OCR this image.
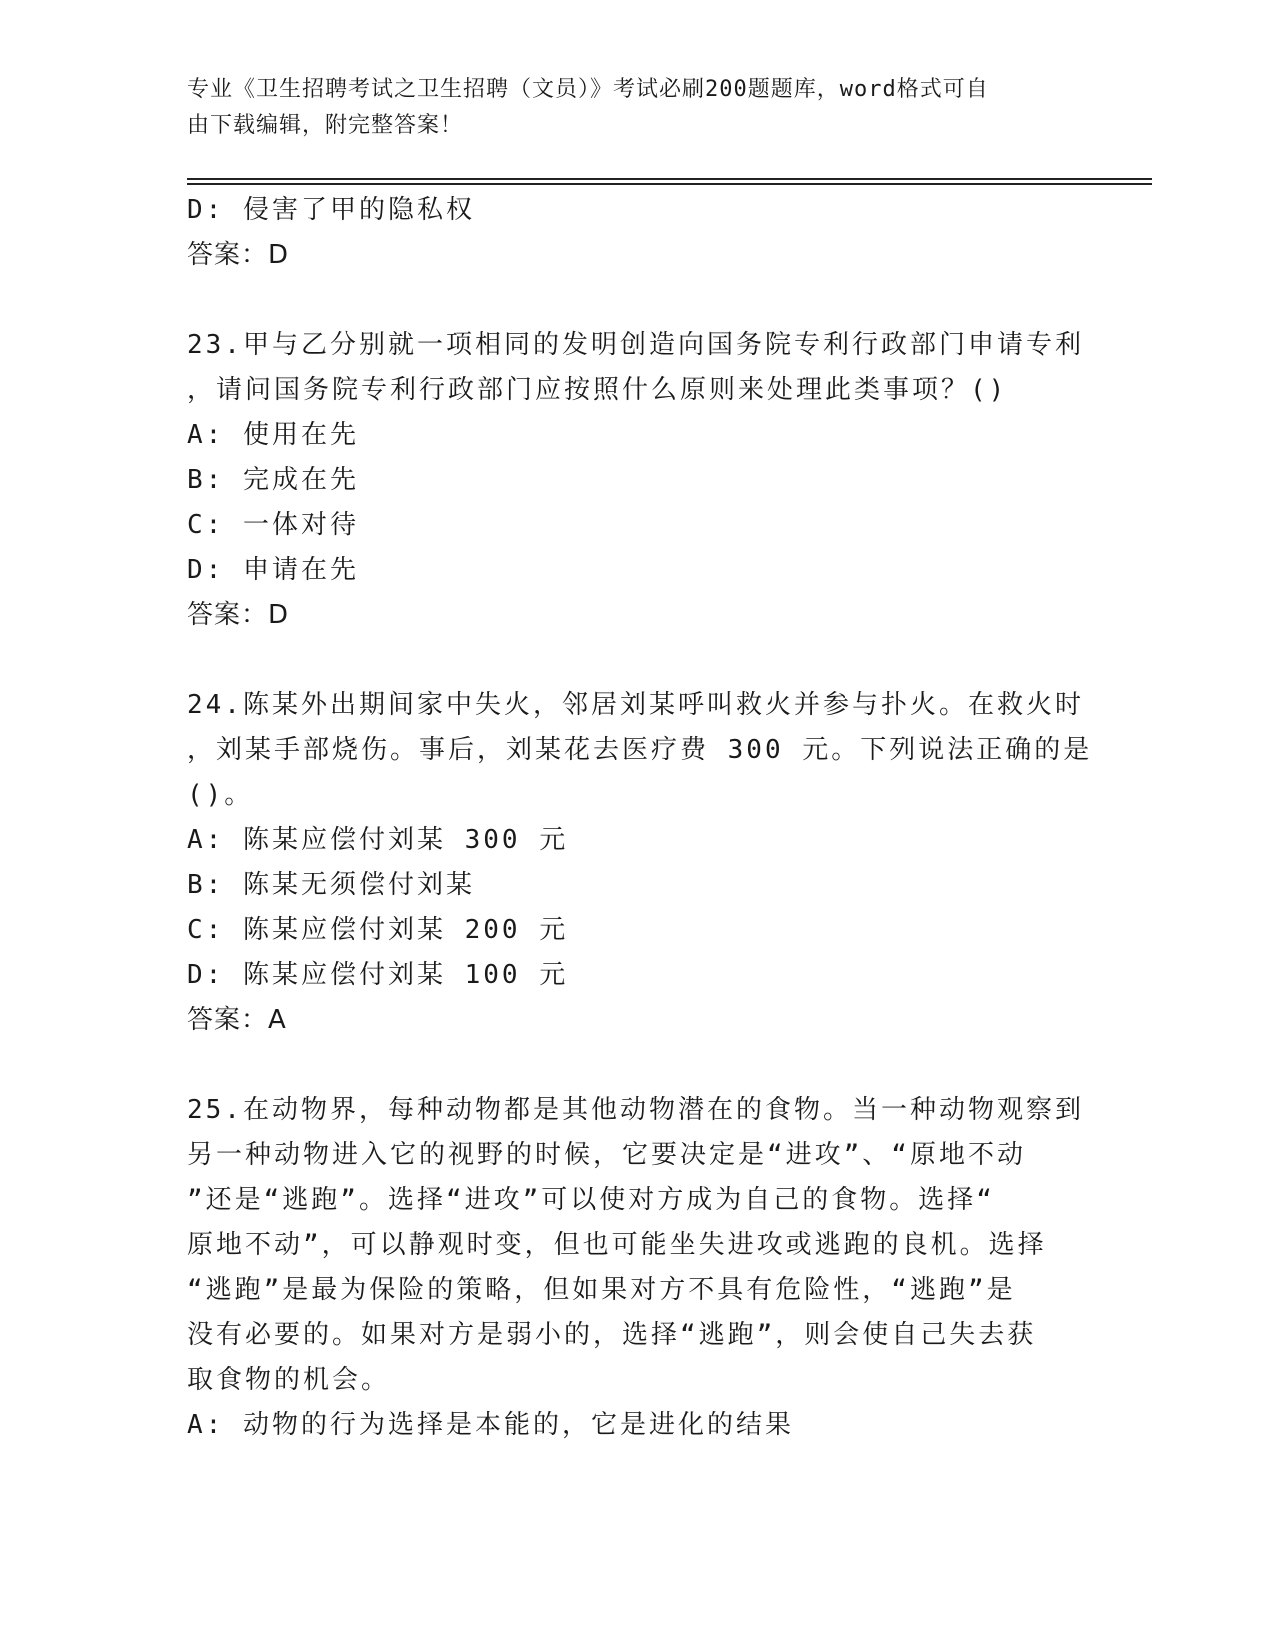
专业《卫生招聘考试之卫生招聘（文员）》考试必刷200题题库，word格式可自
由下载编辑，附完整答案！
D: 侵害了甲的隐私权
答案：D
23.甲与乙分别就一项相同的发明创造向国务院专利行政部门申请专利
，请问国务院专利行政部门应按照什么原则来处理此类事项？()
A: 使用在先
B: 完成在先
C: 一体对待
D: 申请在先
答案：D
24.陈某外出期间家中失火，邻居刘某呼叫救火并参与扑火。在救火时
，刘某手部烧伤。事后，刘某花去医疗费 300 元。下列说法正确的是
()。
A: 陈某应偿付刘某 300 元
B: 陈某无须偿付刘某
C: 陈某应偿付刘某 200 元
D: 陈某应偿付刘某 100 元
答案：A
25.在动物界，每种动物都是其他动物潜在的食物。当一种动物观察到
另一种动物进入它的视野的时候，它要决定是“进攻”、“原地不动
”还是“逃跑”。选择“进攻”可以使对方成为自己的食物。选择“
原地不动”，可以静观时变，但也可能坐失进攻或逃跑的良机。选择
“逃跑”是最为保险的策略，但如果对方不具有危险性，“逃跑”是
没有必要的。如果对方是弱小的，选择“逃跑”，则会使自己失去获
取食物的机会。
A: 动物的行为选择是本能的，它是进化的结果
